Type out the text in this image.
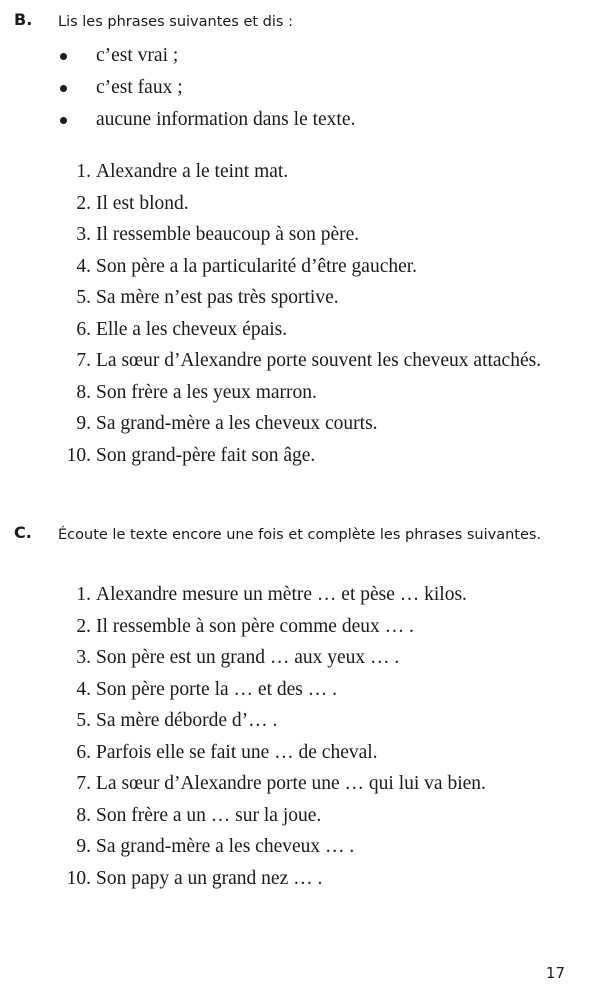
B. Lis les phrases suivantes et dis :
c’est vrai ;
c’est faux ;
aucune information dans le texte.
1. Alexandre a le teint mat.
2. Il est blond.
3. Il ressemble beaucoup à son père.
4. Son père a la particularité d’être gaucher.
5. Sa mère n’est pas très sportive.
6. Elle a les cheveux épais.
7. La sœur d’Alexandre porte souvent les cheveux attachés.
8. Son frère a les yeux marron.
9. Sa grand-mère a les cheveux courts.
10. Son grand-père fait son âge.
C. Écoute le texte encore une fois et complète les phrases suivantes.
1. Alexandre mesure un mètre … et pèse … kilos.
2. Il ressemble à son père comme deux … .
3. Son père est un grand … aux yeux … .
4. Son père porte la … et des … .
5. Sa mère déborde d’… .
6. Parfois elle se fait une … de cheval.
7. La sœur d’Alexandre porte une … qui lui va bien.
8. Son frère a un … sur la joue.
9. Sa grand-mère a les cheveux … .
10. Son papy a un grand nez … .
17
